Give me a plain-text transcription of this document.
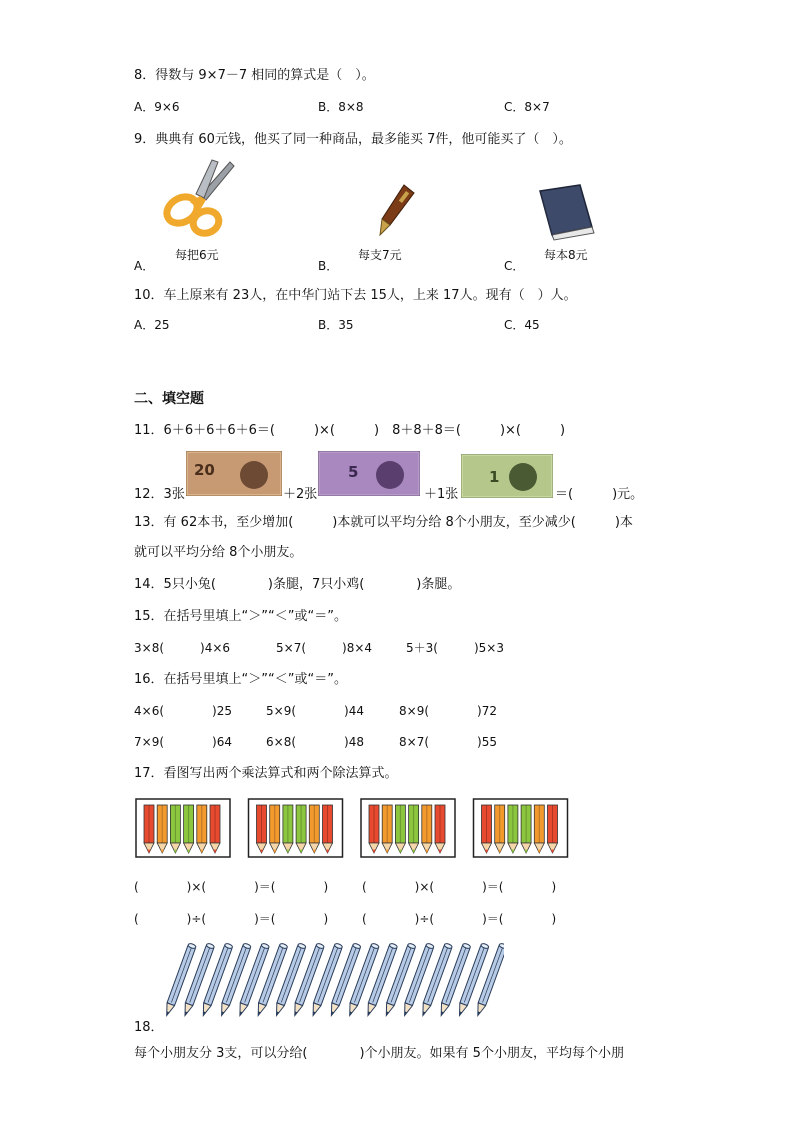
8．得数与 9×7－7 相同的算式是（　）。
A．9×6	B．8×8	C．8×7
9．典典有 60元钱，他买了同一种商品，最多能买 7件，他可能买了（　）。
每把6元
A．
每支7元
B．
每本8元
C．
10．车上原来有 23人，在中华门站下去 15人，上来 17人。现有（　）人。
A．25	B．35	C．45
二、填空题
11．6＋6＋6＋6＋6＝(　　　)×(　　　)　8＋8＋8＝(　　　)×(　　　)
20	5	1
12．3张	＋2张	＋1张	＝(　　　)元。
13．有 62本书，至少增加(　　　)本就可以平均分给 8个小朋友，至少减少(　　　)本
就可以平均分给 8个小朋友。
14．5只小兔(　　　　)条腿，7只小鸡(　　　　)条腿。
15．在括号里填上“＞”“＜”或“＝”。
3×8(　　　)4×6	5×7(　　　)8×4	5＋3(　　　)5×3
16．在括号里填上“＞”“＜”或“＝”。
4×6(　　　　)25	5×9(　　　　)44	8×9(　　　　)72
7×9(　　　　)64	6×8(　　　　)48	8×7(　　　　)55
17．看图写出两个乘法算式和两个除法算式。
(　　　　)×(　　　　)＝(　　　　)	(　　　　)×(　　　　)＝(　　　　)
(　　　　)÷(　　　　)＝(　　　　)	(　　　　)÷(　　　　)＝(　　　　)
18．
每个小朋友分 3支，可以分给(　　　　)个小朋友。如果有 5个小朋友，平均每个小朋
